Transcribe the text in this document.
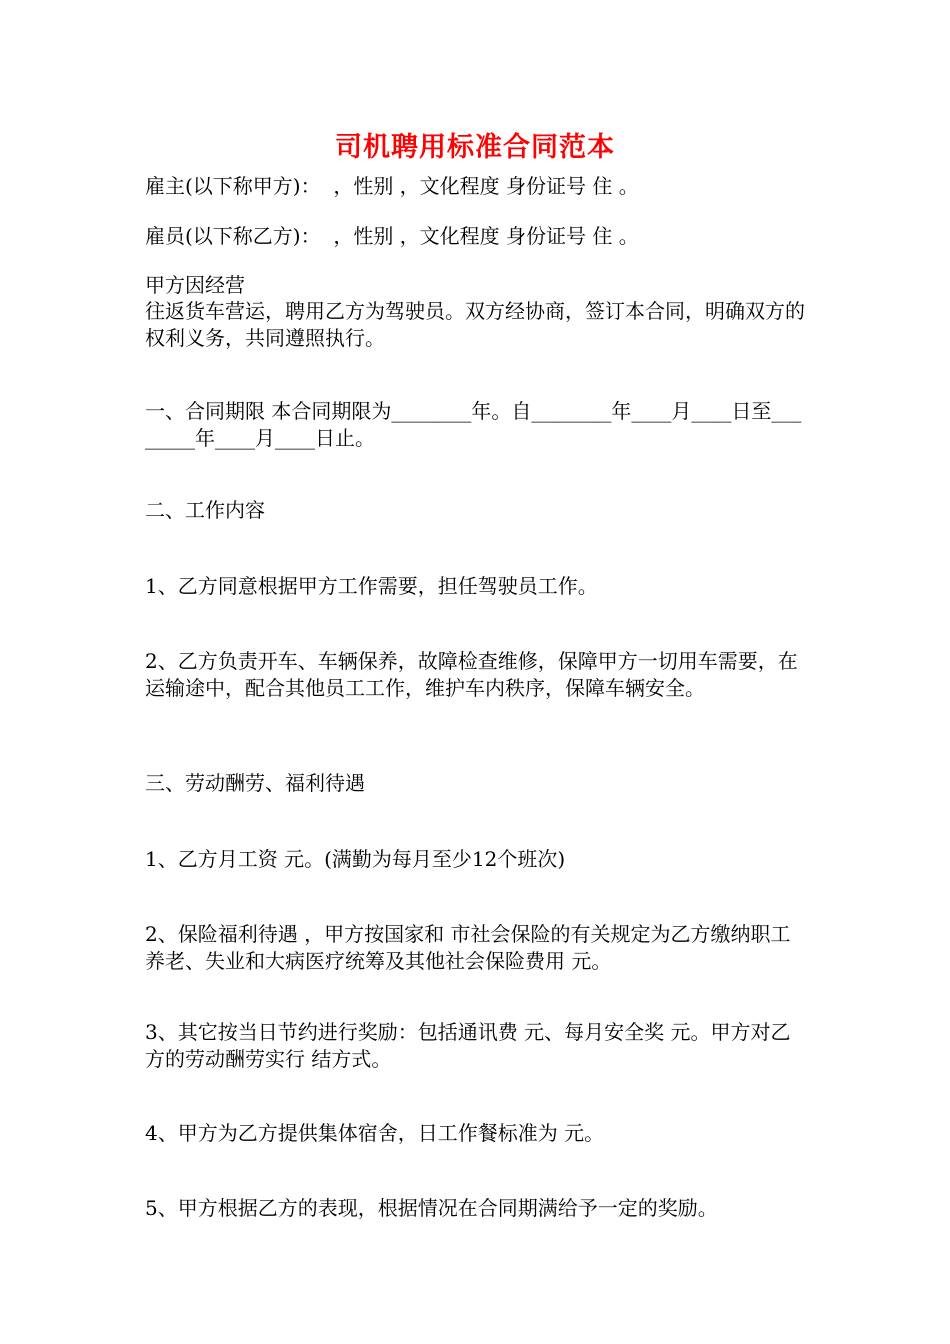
司机聘用标准合同范本
雇主(以下称甲方)：  ，性别 ，文化程度 身份证号 住 。
雇员(以下称乙方)：  ，性别 ，文化程度 身份证号 住 。
甲方因经营
往返货车营运，聘用乙方为驾驶员。双方经协商，签订本合同，明确双方的权利义务，共同遵照执行。
一、合同期限 本合同期限为________年。自________年____月____日至________年____月____日止。
二、工作内容
1、乙方同意根据甲方工作需要，担任驾驶员工作。
2、乙方负责开车、车辆保养，故障检查维修，保障甲方一切用车需要，在运输途中，配合其他员工工作，维护车内秩序，保障车辆安全。
三、劳动酬劳、福利待遇
1、乙方月工资 元。(满勤为每月至少12个班次)
2、保险福利待遇 ，甲方按国家和 市社会保险的有关规定为乙方缴纳职工养老、失业和大病医疗统筹及其他社会保险费用 元。
3、其它按当日节约进行奖励：包括通讯费 元、每月安全奖 元。甲方对乙方的劳动酬劳实行 结方式。
4、甲方为乙方提供集体宿舍，日工作餐标准为 元。
5、甲方根据乙方的表现，根据情况在合同期满给予一定的奖励。
